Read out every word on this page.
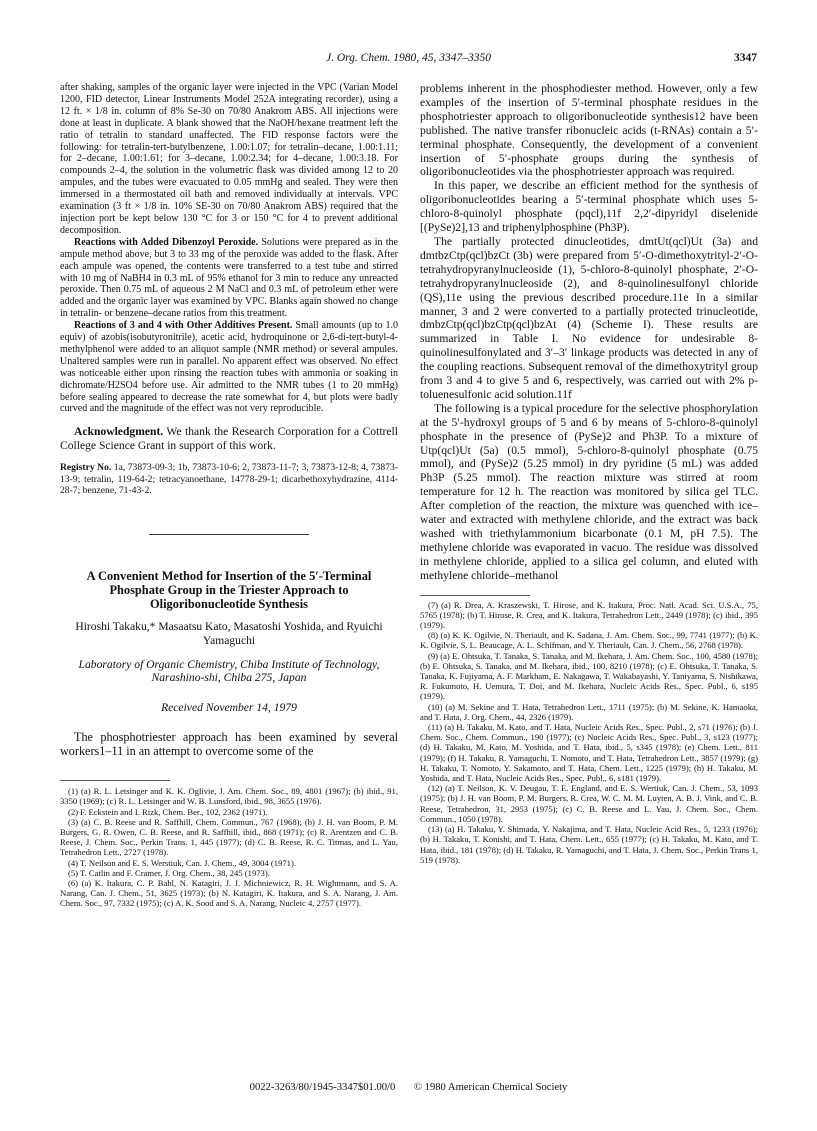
J. Org. Chem. 1980, 45, 3347–3350	3347

after shaking, samples of the organic layer were injected in the VPC (Varian Model 1200, FID detector, Linear Instruments Model 252A integrating recorder), using a 12 ft. × 1/8 in. column of 8% Se-30 on 70/80 Anakrom ABS. All injections were done at least in duplicate. A blank showed that the NaOH/hexane treatment left the ratio of tetralin to standard unaffected. The FID response factors were the following: for tetralin-tert-butylbenzene, 1.00:1.07; for tetralin–decane, 1.00:1.11; for 2–decane, 1.00:1.61; for 3–decane, 1.00:2.34; for 4–decane, 1.00:3.18. For compounds 2–4, the solution in the volumetric flask was divided among 12 to 20 ampules, and the tubes were evacuated to 0.05 mmHg and sealed. They were then immersed in a thermostated oil bath and removed individually at intervals. VPC examination (3 ft × 1/8 in. 10% SE-30 on 70/80 Anakrom ABS) required that the injection port be kept below 130 °C for 3 or 150 °C for 4 to prevent additional decomposition.

Reactions with Added Dibenzoyl Peroxide. Solutions were prepared as in the ampule method above, but 3 to 33 mg of the peroxide was added to the flask. After each ampule was opened, the contents were transferred to a test tube and stirred with 10 mg of NaBH4 in 0.3 mL of 95% ethanol for 3 min to reduce any unreacted peroxide. Then 0.75 mL of aqueous 2 M NaCl and 0.3 mL of petroleum ether were added and the organic layer was examined by VPC. Blanks again showed no change in tetralin- or benzene–decane ratios from this treatment.

Reactions of 3 and 4 with Other Additives Present. Small amounts (up to 1.0 equiv) of azobis(isobutyronitrile), acetic acid, hydroquinone or 2,6-di-tert-butyl-4-methylphenol were added to an aliquot sample (NMR method) or several ampules. Unaltered samples were run in parallel. No apparent effect was observed. No effect was noticeable either upon rinsing the reaction tubes with ammonia or soaking in dichromate/H2SO4 before use. Air admitted to the NMR tubes (1 to 20 mmHg) before sealing appeared to decrease the rate somewhat for 4, but plots were badly curved and the magnitude of the effect was not very reproducible.

Acknowledgment. We thank the Research Corporation for a Cottrell College Science Grant in support of this work.

Registry No. 1a, 73873-09-3; 1b, 73873-10-6; 2, 73873-11-7; 3, 73873-12-8; 4, 73873-13-9; tetralin, 119-64-2; tetracyanoethane, 14778-29-1; dicarbethoxyhydrazine, 4114-28-7; benzene, 71-43-2.

A Convenient Method for Insertion of the 5′-Terminal Phosphate Group in the Triester Approach to Oligoribonucleotide Synthesis
Hiroshi Takaku,* Masaatsu Kato, Masatoshi Yoshida, and Ryuichi Yamaguchi
Laboratory of Organic Chemistry, Chiba Institute of Technology, Narashino-shi, Chiba 275, Japan
Received November 14, 1979

The phosphotriester approach has been examined by several workers1–11 in an attempt to overcome some of the

(1) (a) R. L. Letsinger and K. K. Oglivie, J. Am. Chem. Soc., 89, 4801 (1967); (b) ibid., 91, 3350 (1969); (c) R. L. Letsinger and W. B. Lunsford, ibid., 98, 3655 (1976).

(2) F. Eckstein and I. Rizk, Chem. Ber., 102, 2362 (1971).

(3) (a) C. B. Reese and R. Saffhill, Chem. Commun., 767 (1968); (b) J. H. van Boom, P. M. Burgers, G. R. Owen, C. B. Reese, and R. Saffhill, ibid., 868 (1971); (c) R. Arentzen and C. B. Reese, J. Chem. Soc., Perkin Trans. 1, 445 (1977); (d) C. B. Reese, R. C. Titmas, and L. Yau, Tetrahedron Lett., 2727 (1978).

(4) T. Neilson and E. S. Werstiuk, Can. J. Chem., 49, 3004 (1971).

(5) T. Catlin and F. Cramer, J. Org. Chem., 38, 245 (1973).

(6) (a) K. Itakura, C. P. Bahl, N. Katagiri, J. J. Michniewicz, R. H. Wightmann, and S. A. Narang, Can. J. Chem., 51, 3625 (1973); (b) N. Katagiri, K. Itakura, and S. A. Narang, J. Am. Chem. Soc., 97, 7332 (1975); (c) A. K. Sood and S. A. Narang, Nucleic 4, 2757 (1977).

problems inherent in the phosphodiester method. However, only a few examples of the insertion of 5′-terminal phosphate residues in the phosphotriester approach to oligoribonucleotide synthesis12 have been published. The native transfer ribonucleic acids (t-RNAs) contain a 5′-terminal phosphate. Consequently, the development of a convenient insertion of 5′-phosphate groups during the synthesis of oligoribonucleotides via the phosphotriester approach was required.

In this paper, we describe an efficient method for the synthesis of oligoribonucleotides bearing a 5′-terminal phosphate which uses 5-chloro-8-quinolyl phosphate (pqcl),11f 2,2′-dipyridyl diselenide [(PySe)2],13 and triphenylphosphine (Ph3P).

The partially protected dinucleotides, dmtUt(qcl)Ut (3a) and dmtbzCtp(qcl)bzCt (3b) were prepared from 5′-O-dimethoxytrityl-2′-O-tetrahydropyranylnucleoside (1), 5-chloro-8-quinolyl phosphate, 2′-O-tetrahydropyranylnucleoside (2), and 8-quinolinesulfonyl chloride (QS),11e using the previous described procedure.11e In a similar manner, 3 and 2 were converted to a partially protected trinucleotide, dmbzCtp(qcl)bzCtp(qcl)bzAt (4) (Scheme I). These results are summarized in Table I. No evidence for undesirable 8-quinolinesulfonylated and 3′–3′ linkage products was detected in any of the coupling reactions. Subsequent removal of the dimethoxytrityl group from 3 and 4 to give 5 and 6, respectively, was carried out with 2% p-toluenesulfonic acid solution.11f

The following is a typical procedure for the selective phosphorylation at the 5′-hydroxyl groups of 5 and 6 by means of 5-chloro-8-quinolyl phosphate in the presence of (PySe)2 and Ph3P. To a mixture of Utp(qcl)Ut (5a) (0.5 mmol), 5-chloro-8-quinolyl phosphate (0.75 mmol), and (PySe)2 (5.25 mmol) in dry pyridine (5 mL) was added Ph3P (5.25 mmol). The reaction mixture was stirred at room temperature for 12 h. The reaction was monitored by silica gel TLC. After completion of the reaction, the mixture was quenched with ice–water and extracted with methylene chloride, and the extract was back washed with triethylammonium bicarbonate (0.1 M, pH 7.5). The methylene chloride was evaporated in vacuo. The residue was dissolved in methylene chloride, applied to a silica gel column, and eluted with methylene chloride–methanol

(7) (a) R. Drea, A. Kraszewski, T. Hirose, and K. Itakura, Proc. Natl. Acad. Sci. U.S.A., 75, 5765 (1978); (b) T. Hirose, R. Crea, and K. Itakura, Tetrahedron Lett., 2449 (1978); (c) ibid., 395 (1979).

(8) (a) K. K. Ogilvie, N. Theriault, and K. Sadana, J. Am. Chem. Soc., 99, 7741 (1977); (b) K. K. Ogilvie, S. L. Beaucage, A. L. Schifman, and Y. Theriault, Can. J. Chem., 56, 2768 (1978).

(9) (a) E. Ohtsuka, T. Tanaka, S. Tanaka, and M. Ikehara, J. Am. Chem. Soc., 100, 4580 (1978); (b) E. Ohtsuka, S. Tanaka, and M. Ikehara, ibid., 100, 8210 (1978); (c) E. Ohtsuka, T. Tanaka, S. Tanaka, K. Fujiyama, A. F. Markham, E. Nakagawa, T. Wakabayashi, Y. Taniyama, S. Nishikawa, R. Fukumoto, H. Uemura, T. Doi, and M. Ikehara, Nucleic Acids Res., Spec. Publ., 6, s195 (1979).

(10) (a) M. Sekine and T. Hata, Tetrahedron Lett., 1711 (1975); (b) M. Sekine, K. Hamaoka, and T. Hata, J. Org. Chem., 44, 2326 (1979).

(11) (a) H. Takaku, M. Kato, and T. Hata, Nucleic Acids Res., Spec. Publ., 2, s71 (1976); (b) J. Chem. Soc., Chem. Commun., 190 (1977); (c) Nucleic Acids Res., Spec. Publ., 3, s123 (1977); (d) H. Takaku, M. Kato, M. Yoshida, and T. Hata, ibid., 5, s345 (1978); (e) Chem. Lett., 811 (1979); (f) H. Takaku, R. Yamaguchi, T. Nomoto, and T. Hata, Tetrahedron Lett., 3857 (1979); (g) H. Takaku, T. Nomoto, Y. Sakamoto, and T. Hata, Chem. Lett., 1225 (1979); (h) H. Takaku, M. Yoshida, and T. Hata, Nucleic Acids Res., Spec. Publ., 6, s181 (1979).

(12) (a) T. Neilson, K. V. Deugau, T. E. England, and E. S. Wertiuk, Can. J. Chem., 53, 1093 (1975); (b) J. H. van Boom, P. M. Burgers, R. Crea, W. C. M. M. Luyten, A. B. J. Vink, and C. B. Reese, Tetrahedron, 31, 2953 (1975); (c) C. B. Reese and L. Yau, J. Chem. Soc., Chem. Commun., 1050 (1978).

(13) (a) H. Takaku, Y. Shimada, Y. Nakajima, and T. Hata, Nucleic Acid Res., 5, 1233 (1976); (b) H. Takaku, T. Konishi, and T. Hata, Chem. Lett., 655 (1977); (c) H. Takaku, M. Kato, and T. Hata, ibid., 181 (1978); (d) H. Takaku, R. Yamaguchi, and T. Hata, J. Chem. Soc., Perkin Trans 1, 519 (1978).

0022-3263/80/1945-3347$01.00/0 © 1980 American Chemical Society
